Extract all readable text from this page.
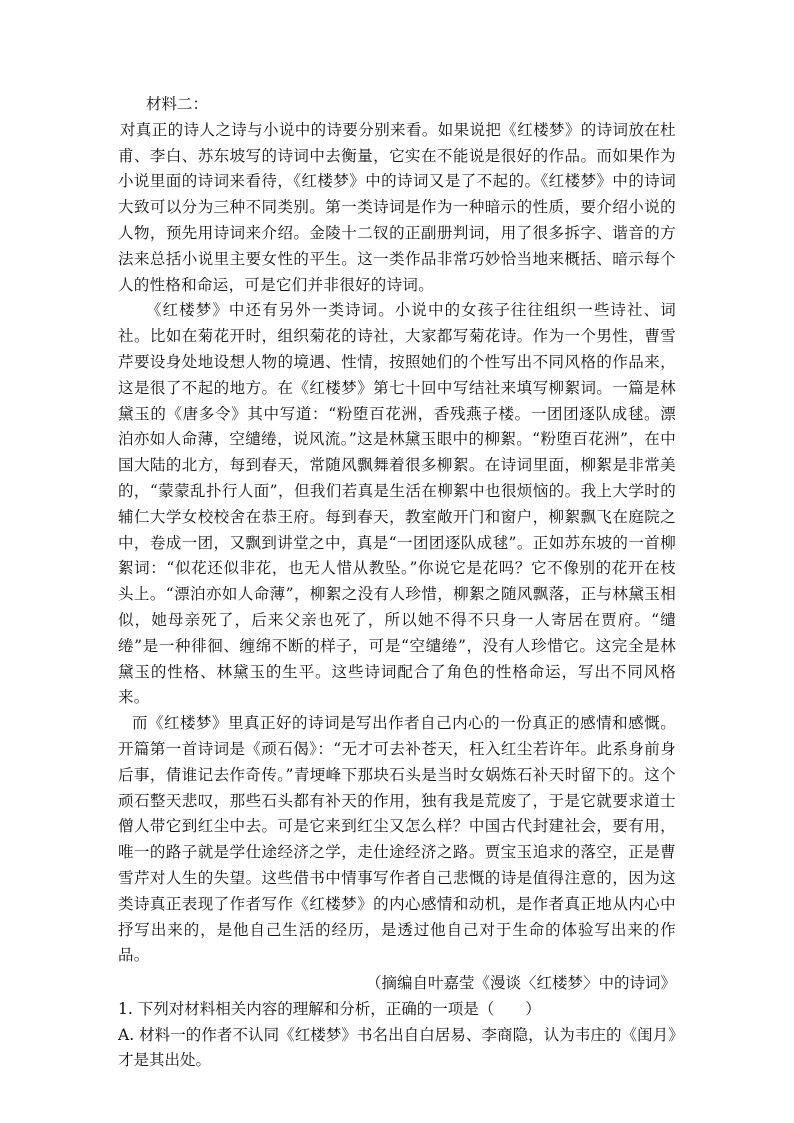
材料二：

对真正的诗人之诗与小说中的诗要分别来看。如果说把《红楼梦》的诗词放在杜甫、李白、苏东坡写的诗词中去衡量，它实在不能说是很好的作品。而如果作为小说里面的诗词来看待，《红楼梦》中的诗词又是了不起的。《红楼梦》中的诗词大致可以分为三种不同类别。第一类诗词是作为一种暗示的性质，要介绍小说的人物，预先用诗词来介绍。金陵十二钗的正副册判词，用了很多拆字、谐音的方法来总括小说里主要女性的平生。这一类作品非常巧妙恰当地来概括、暗示每个人的性格和命运，可是它们并非很好的诗词。

《红楼梦》中还有另外一类诗词。小说中的女孩子往往组织一些诗社、词社。比如在菊花开时，组织菊花的诗社，大家都写菊花诗。作为一个男性，曹雪芹要设身处地设想人物的境遇、性情，按照她们的个性写出不同风格的作品来，这是很了不起的地方。在《红楼梦》第七十回中写结社来填写柳絮词。一篇是林黛玉的《唐多令》其中写道：“粉堕百花洲，香残燕子楼。一团团逐队成毬。漂泊亦如人命薄，空缱绻，说风流。”这是林黛玉眼中的柳絮。“粉堕百花洲”，在中国大陆的北方，每到春天，常随风飘舞着很多柳絮。在诗词里面，柳絮是非常美的，“蒙蒙乱扑行人面”，但我们若真是生活在柳絮中也很烦恼的。我上大学时的辅仁大学女校校舍在恭王府。每到春天，教室敞开门和窗户，柳絮飘飞在庭院之中，卷成一团，又飘到讲堂之中，真是“一团团逐队成毬”。正如苏东坡的一首柳絮词：“似花还似非花，也无人惜从教坠。”你说它是花吗？它不像别的花开在枝头上。“漂泊亦如人命薄”，柳絮之没有人珍惜，柳絮之随风飘落，正与林黛玉相似，她母亲死了，后来父亲也死了，所以她不得不只身一人寄居在贾府。“缱绻”是一种徘徊、缠绵不断的样子，可是“空缱绻”，没有人珍惜它。这完全是林黛玉的性格、林黛玉的生平。这些诗词配合了角色的性格命运，写出不同风格来。

而《红楼梦》里真正好的诗词是写出作者自己内心的一份真正的感情和感慨。开篇第一首诗词是《顽石偈》：“无才可去补苍天，枉入红尘若许年。此系身前身后事，倩谁记去作奇传。”青埂峰下那块石头是当时女娲炼石补天时留下的。这个顽石整天悲叹，那些石头都有补天的作用，独有我是荒废了，于是它就要求道士僧人带它到红尘中去。可是它来到红尘又怎么样？中国古代封建社会，要有用，唯一的路子就是学仕途经济之学，走仕途经济之路。贾宝玉追求的落空，正是曹雪芹对人生的失望。这些借书中情事写作者自己悲慨的诗是值得注意的，因为这类诗真正表现了作者写作《红楼梦》的内心感情和动机，是作者真正地从内心中抒写出来的，是他自己生活的经历，是透过他自己对于生命的体验写出来的作品。

（摘编自叶嘉莹《漫谈〈红楼梦〉中的诗词》

1. 下列对材料相关内容的理解和分析，正确的一项是（　　）

A. 材料一的作者不认同《红楼梦》书名出自白居易、李商隐，认为韦庄的《闺月》才是其出处。
